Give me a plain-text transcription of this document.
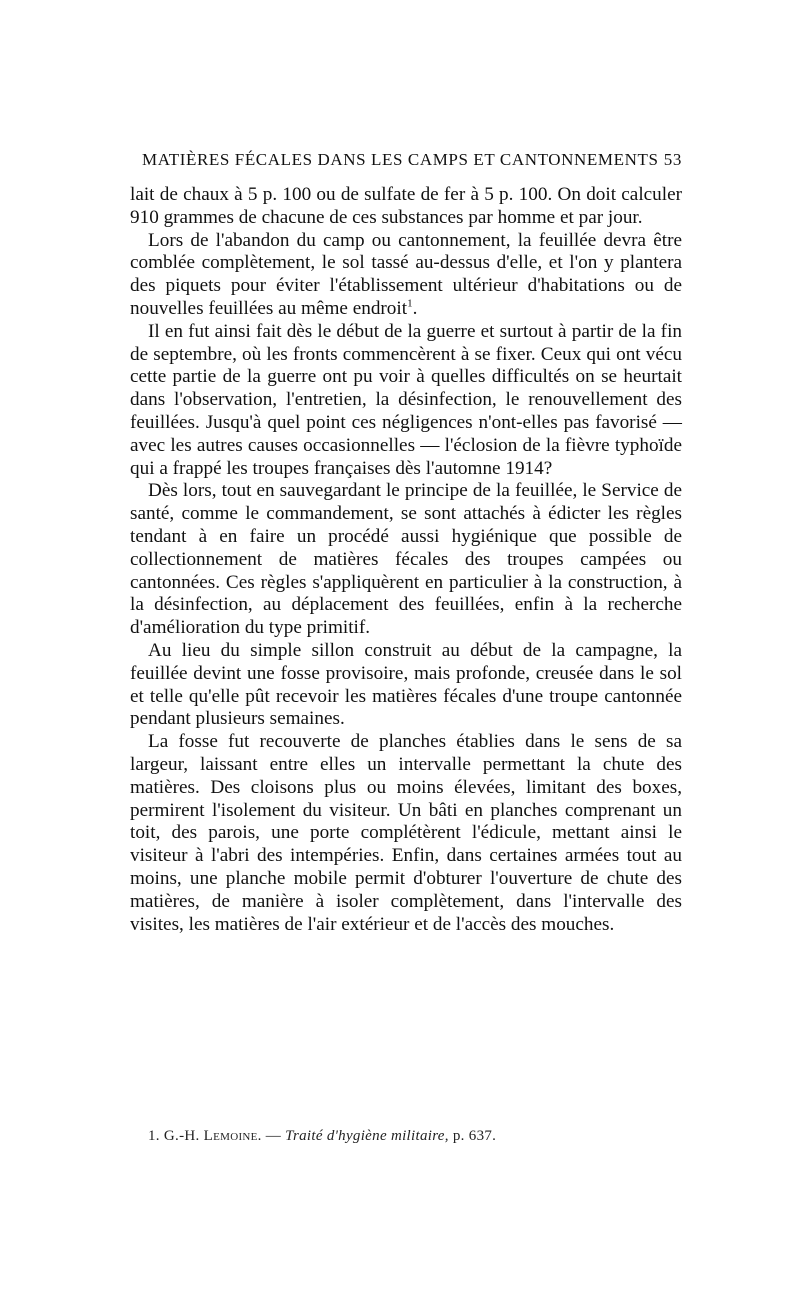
MATIÈRES FÉCALES DANS LES CAMPS ET CANTONNEMENTS 53

lait de chaux à 5 p. 100 ou de sulfate de fer à 5 p. 100. On doit calculer 910 grammes de chacune de ces substances par homme et par jour.

Lors de l'abandon du camp ou cantonnement, la feuillée devra être comblée complètement, le sol tassé au-dessus d'elle, et l'on y plantera des piquets pour éviter l'établissement ultérieur d'habitations ou de nouvelles feuillées au même endroit$^1$.

Il en fut ainsi fait dès le début de la guerre et surtout à partir de la fin de septembre, où les fronts commencèrent à se fixer. Ceux qui ont vécu cette partie de la guerre ont pu voir à quelles difficultés on se heurtait dans l'observation, l'entretien, la désinfection, le renouvellement des feuillées. Jusqu'à quel point ces négligences n'ont-elles pas favorisé — avec les autres causes occasionnelles — l'éclosion de la fièvre typhoïde qui a frappé les troupes françaises dès l'automne 1914?

Dès lors, tout en sauvegardant le principe de la feuillée, le Service de santé, comme le commandement, se sont attachés à édicter les règles tendant à en faire un procédé aussi hygiénique que possible de collectionnement de matières fécales des troupes campées ou cantonnées. Ces règles s'appliquèrent en particulier à la construction, à la désinfection, au déplacement des feuillées, enfin à la recherche d'amélioration du type primitif.

Au lieu du simple sillon construit au début de la campagne, la feuillée devint une fosse provisoire, mais profonde, creusée dans le sol et telle qu'elle pût recevoir les matières fécales d'une troupe cantonnée pendant plusieurs semaines.

La fosse fut recouverte de planches établies dans le sens de sa largeur, laissant entre elles un intervalle permettant la chute des matières. Des cloisons plus ou moins élevées, limitant des boxes, permirent l'isolement du visiteur. Un bâti en planches comprenant un toit, des parois, une porte complétèrent l'édicule, mettant ainsi le visiteur à l'abri des intempéries. Enfin, dans certaines armées tout au moins, une planche mobile permit d'obturer l'ouverture de chute des matières, de manière à isoler complètement, dans l'intervalle des visites, les matières de l'air extérieur et de l'accès des mouches.

1. G.-H. Lemoine. — Traité d'hygiène militaire, p. 637.
